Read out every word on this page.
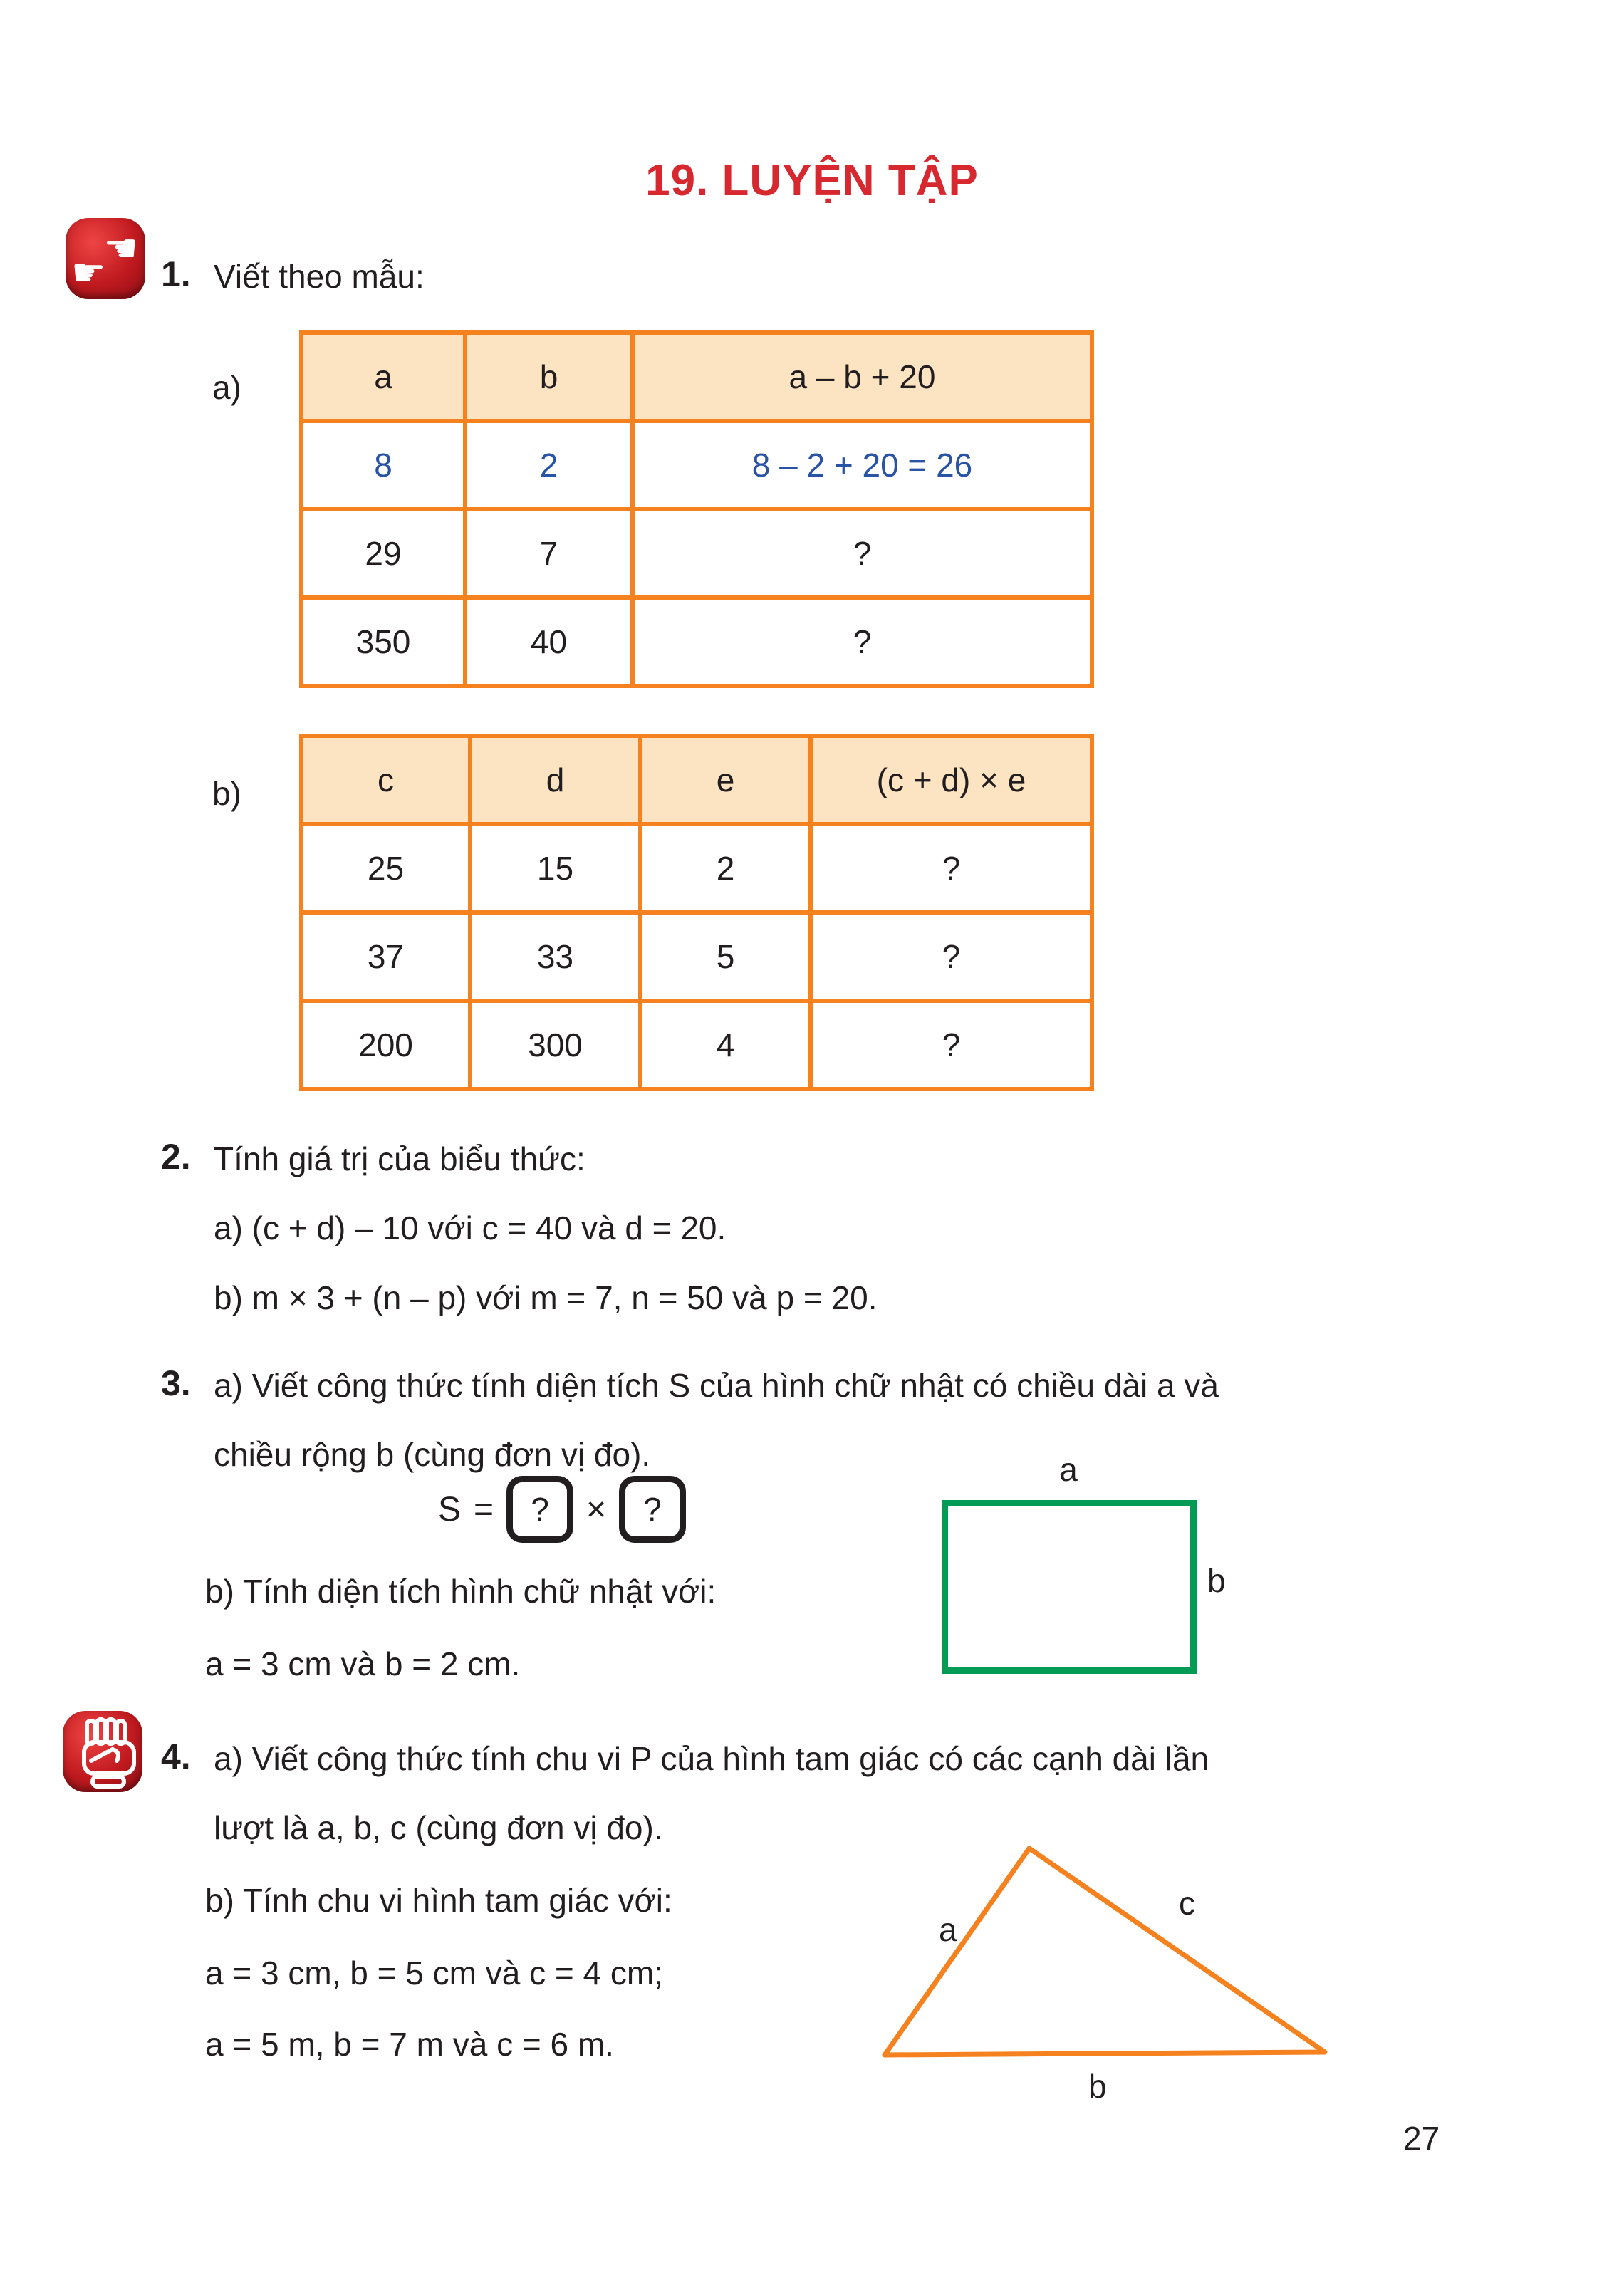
19. LUYỆN TẬP
☚
☛ 1. Viết theo mẫu:
a)	a	b	a – b + 20
8	2	8 – 2 + 20 = 26
29	7	?
350	40	?
b)	c	d	e	(c + d) × e
25	15	2	?
37	33	5	?
200	300	4	?
2. Tính giá trị của biểu thức:
a) (c + d) – 10 với c = 40 và d = 20.
b) m × 3 + (n – p) với m = 7, n = 50 và p = 20.
3. a) Viết công thức tính diện tích S của hình chữ nhật có chiều dài a và
chiều rộng b (cùng đơn vị đo).
S = ? × ?
b) Tính diện tích hình chữ nhật với:
a = 3 cm và b = 2 cm.
a
b
4. a) Viết công thức tính chu vi P của hình tam giác có các cạnh dài lần
lượt là a, b, c (cùng đơn vị đo).
b) Tính chu vi hình tam giác với:
a = 3 cm, b = 5 cm và c = 4 cm;
a = 5 m, b = 7 m và c = 6 m.
a
c
b
27
